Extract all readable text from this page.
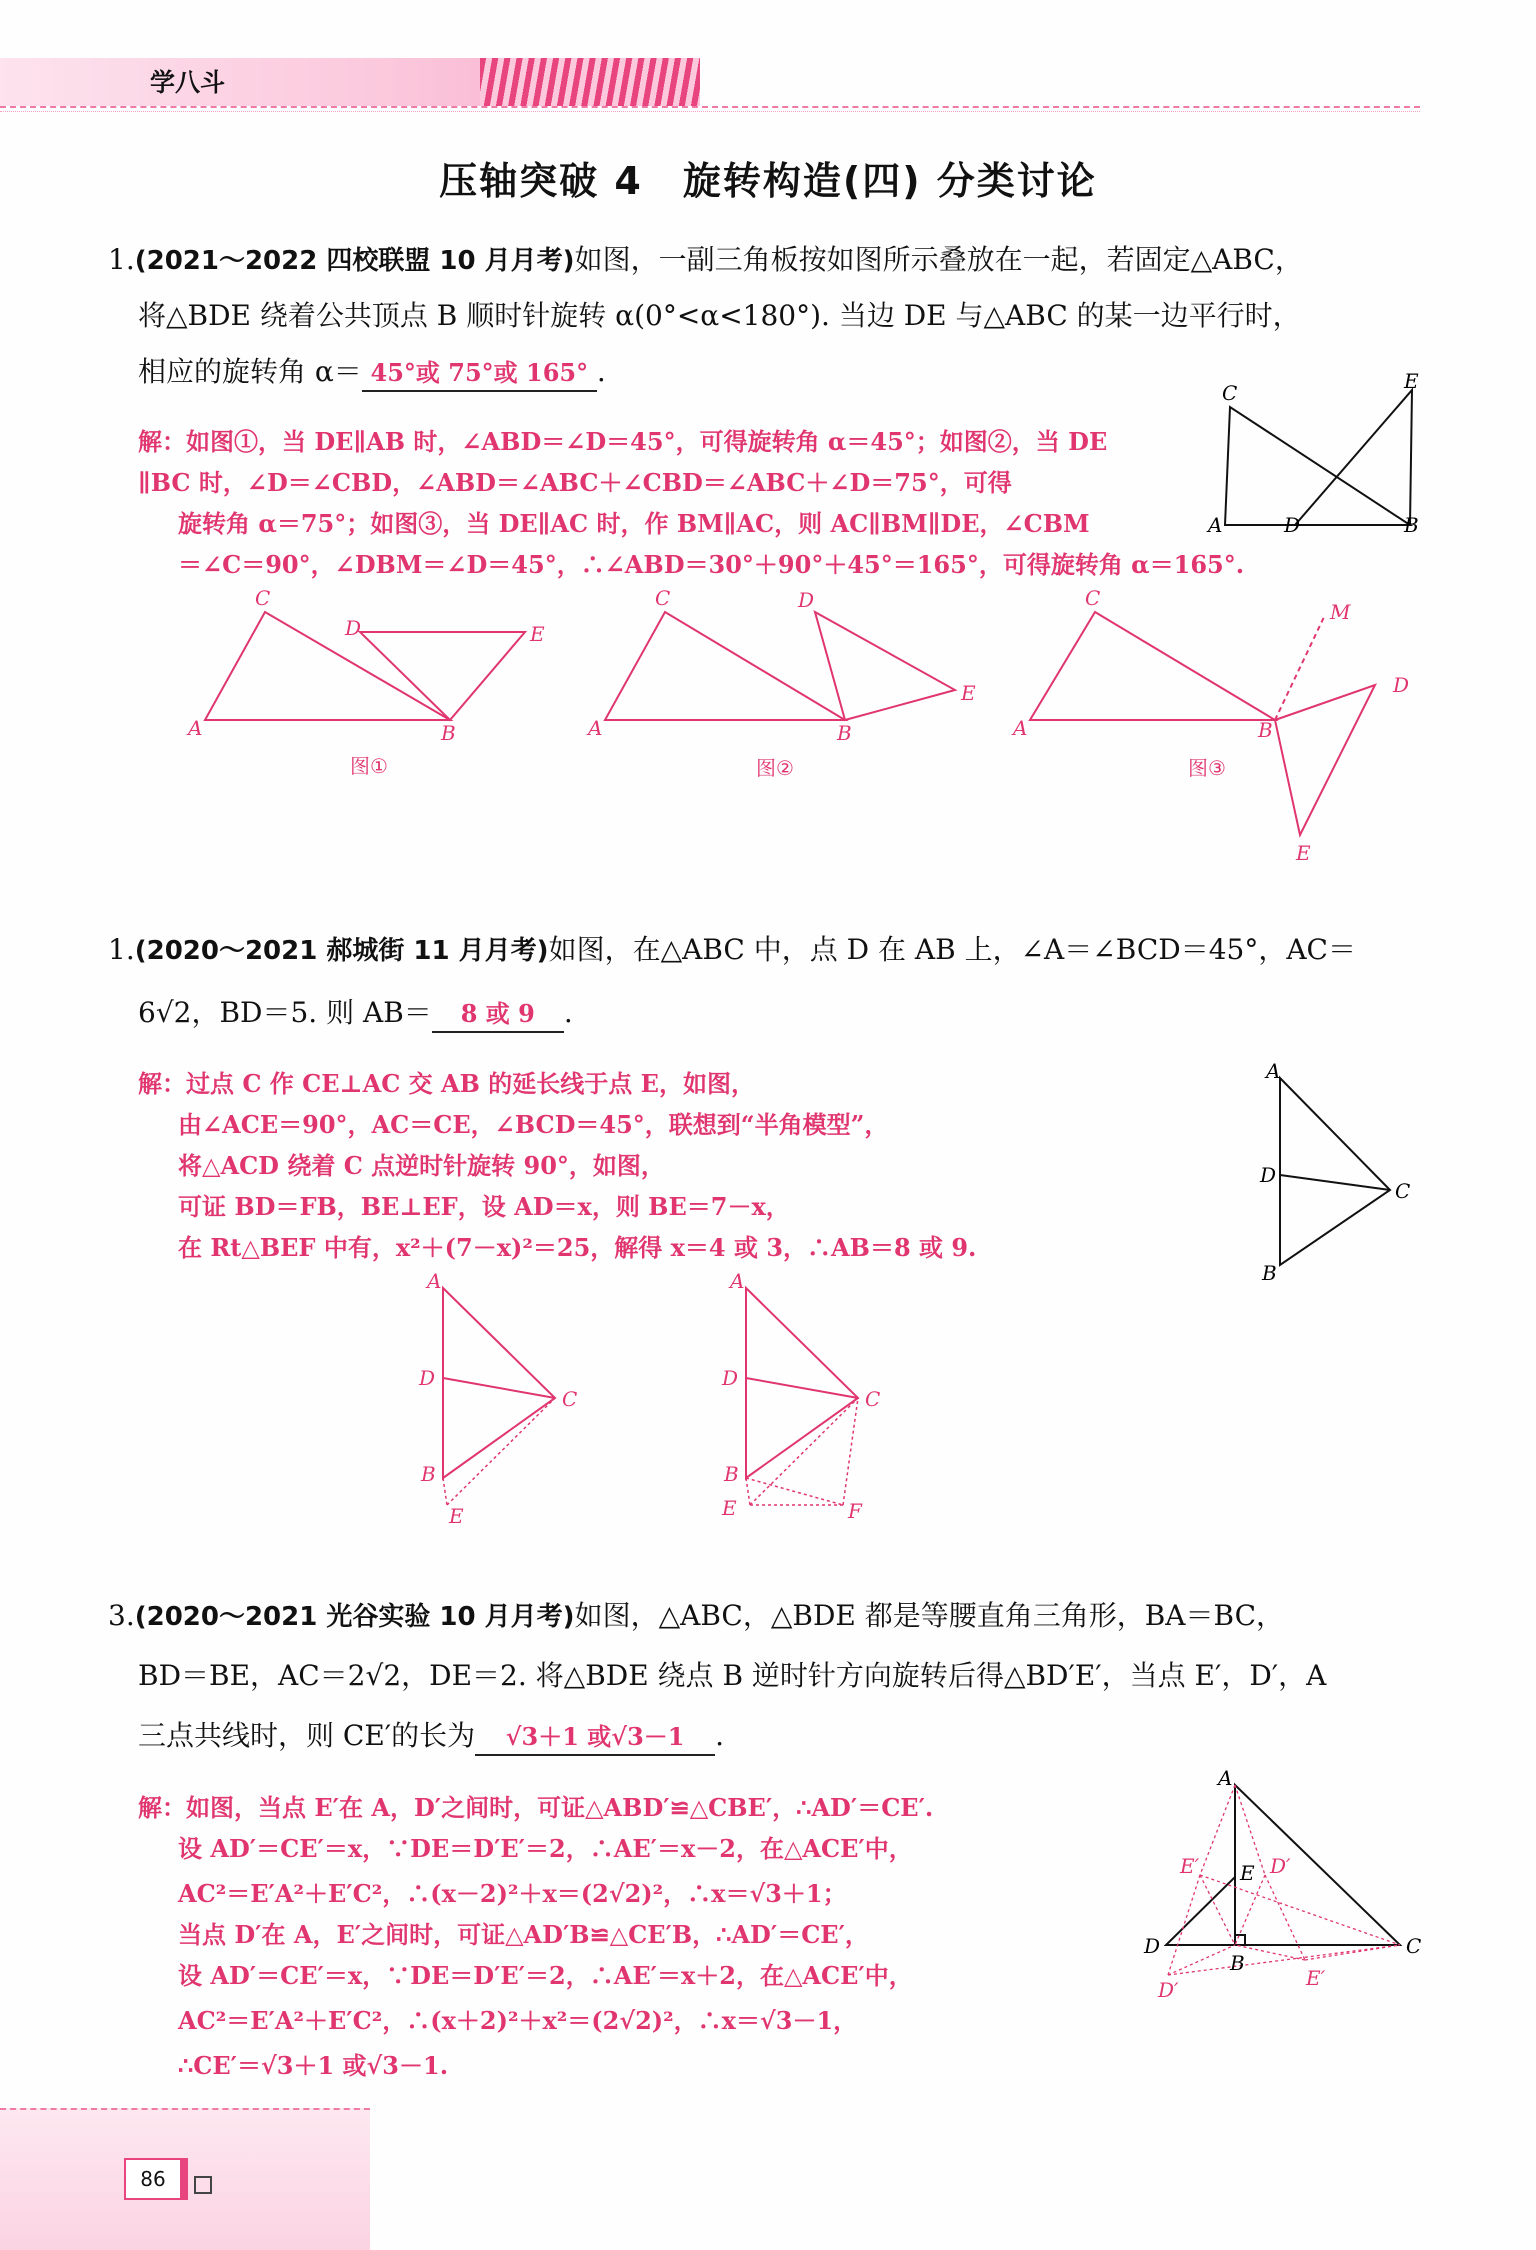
学八斗
压轴突破 4　旋转构造(四) 分类讨论
1.(2021～2022 四校联盟 10 月月考)如图，一副三角板按如图所示叠放在一起，若固定△ABC，
将△BDE 绕着公共顶点 B 顺时针旋转 α(0°<α<180°). 当边 DE 与△ABC 的某一边平行时，
相应的旋转角 α＝ 45°或 75°或 165° .
解：如图①，当 DE∥AB 时，∠ABD＝∠D＝45°，可得旋转角 α＝45°；如图②，当 DE
∥BC 时，∠D＝∠CBD，∠ABD＝∠ABC＋∠CBD＝∠ABC＋∠D＝75°，可得
旋转角 α＝75°；如图③，当 DE∥AC 时，作 BM∥AC，则 AC∥BM∥DE，∠CBM
＝∠C＝90°，∠DBM＝∠D＝45°，∴∠ABD＝30°＋90°＋45°＝165°，可得旋转角 α＝165°.
A
C
D
E
B
A
C
D	E
B
图①
A
C	D
E
B
图②
A
C
B
M
D
E
图③
1.(2020～2021 郝城街 11 月月考)如图，在△ABC 中，点 D 在 AB 上，∠A＝∠BCD＝45°，AC＝
6√2，BD＝5. 则 AB＝ 8 或 9 .
解：过点 C 作 CE⊥AC 交 AB 的延长线于点 E，如图，
由∠ACE＝90°，AC＝CE，∠BCD＝45°，联想到“半角模型”，
将△ACD 绕着 C 点逆时针旋转 90°，如图，
可证 BD＝FB，BE⊥EF，设 AD＝x，则 BE＝7－x，
在 Rt△BEF 中有，x²＋(7－x)²＝25，解得 x＝4 或 3，∴AB＝8 或 9.
A
D
C
B
A
D
C
B
E
A
D
C
B
E	F
3.(2020～2021 光谷实验 10 月月考)如图，△ABC，△BDE 都是等腰直角三角形，BA＝BC，
BD＝BE，AC＝2√2，DE＝2. 将△BDE 绕点 B 逆时针方向旋转后得△BD′E′，当点 E′，D′，A
三点共线时，则 CE′的长为 √3＋1 或√3－1 .
解：如图，当点 E′在 A，D′之间时，可证△ABD′≌△CBE′，∴AD′＝CE′.
设 AD′＝CE′＝x，∵DE＝D′E′＝2，∴AE′＝x－2，在△ACE′中，
AC²＝E′A²＋E′C²，∴(x－2)²＋x＝(2√2)²，∴x＝√3＋1；
当点 D′在 A，E′之间时，可证△AD′B≌△CE′B，∴AD′＝CE′，
设 AD′＝CE′＝x，∵DE＝D′E′＝2，∴AE′＝x＋2，在△ACE′中，
AC²＝E′A²＋E′C²，∴(x＋2)²＋x²＝(2√2)²，∴x＝√3－1，
∴CE′＝√3＋1 或√3－1.
A
D
B
C
E
E′	D′
D′	E′
86
